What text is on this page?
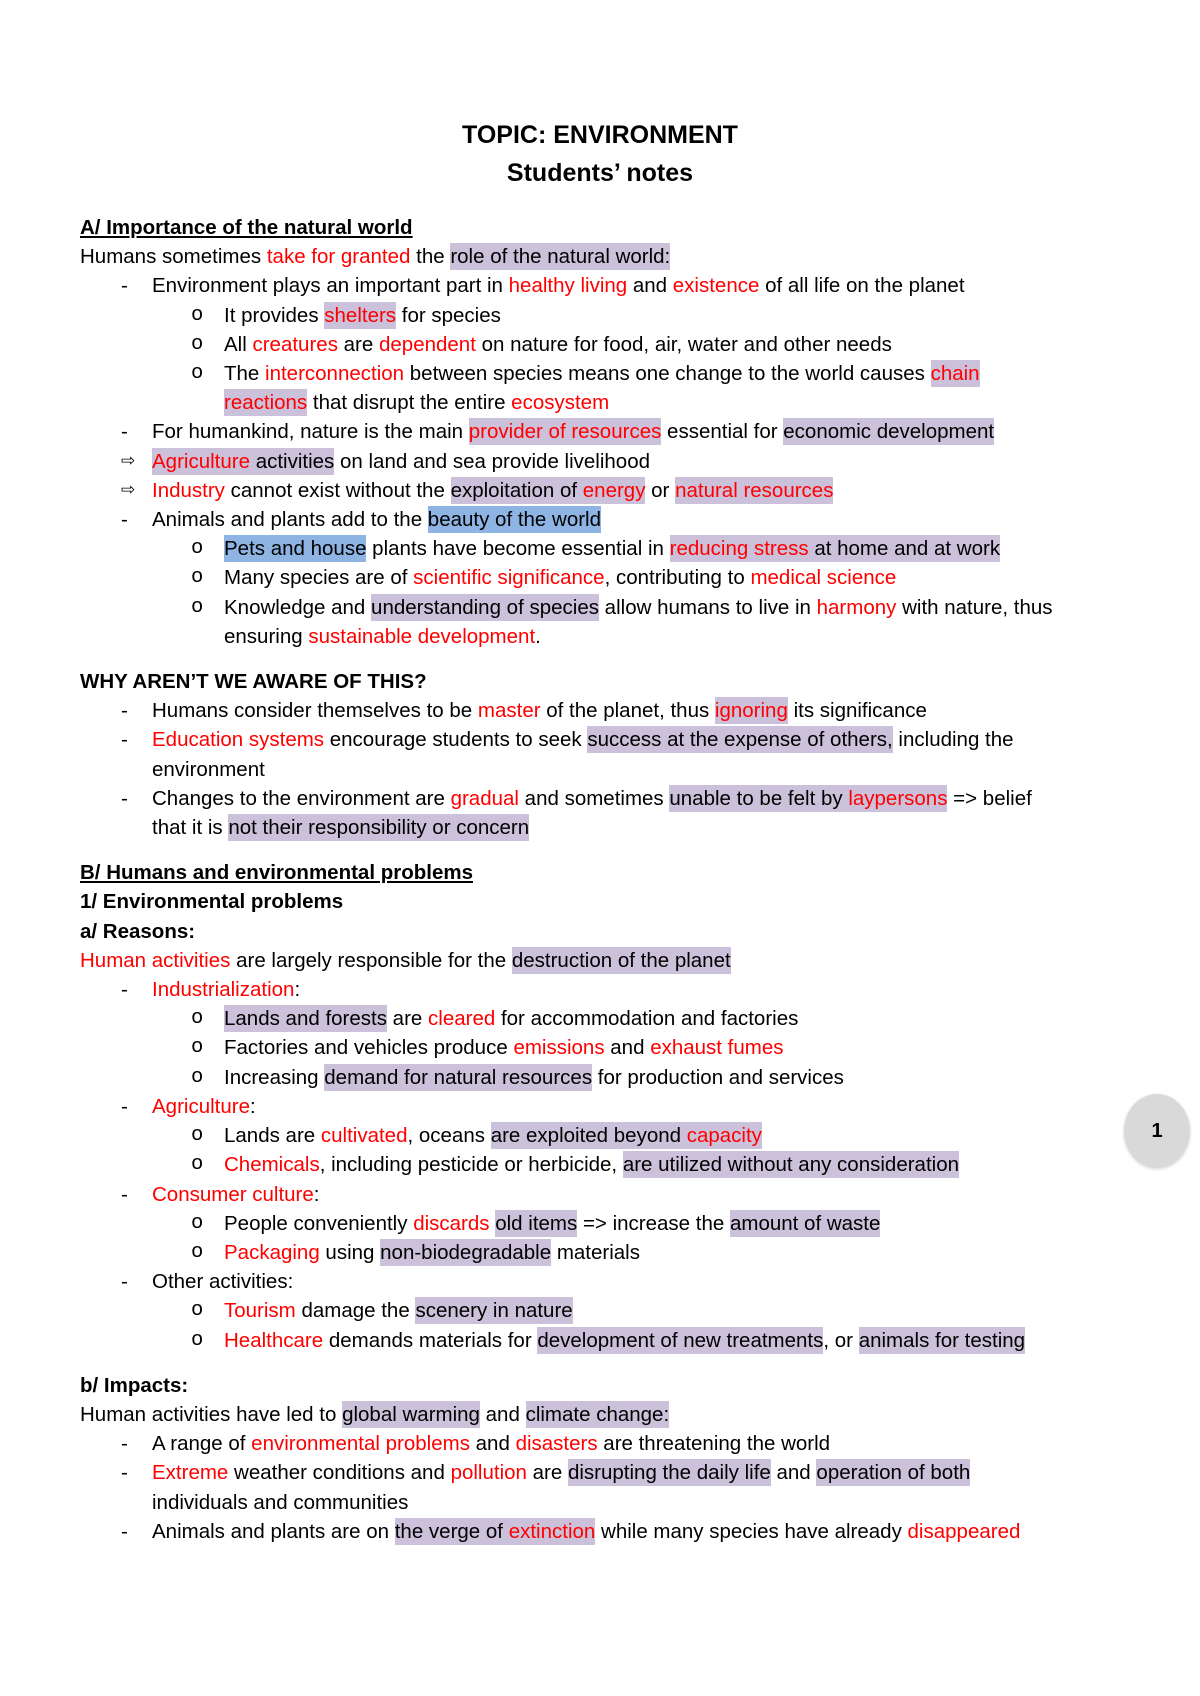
TOPIC: ENVIRONMENT
Students’ notes
A/ Importance of the natural world
Humans sometimes take for granted the role of the natural world:
- Environment plays an important part in healthy living and existence of all life on the planet
o It provides shelters for species
o All creatures are dependent on nature for food, air, water and other needs
o The interconnection between species means one change to the world causes chain
reactions that disrupt the entire ecosystem
- For humankind, nature is the main provider of resources essential for economic development
⇨ Agriculture activities on land and sea provide livelihood
⇨ Industry cannot exist without the exploitation of energy or natural resources
- Animals and plants add to the beauty of the world
o Pets and house plants have become essential in reducing stress at home and at work
o Many species are of scientific significance, contributing to medical science
o Knowledge and understanding of species allow humans to live in harmony with nature, thus
ensuring sustainable development.
WHY AREN’T WE AWARE OF THIS?
- Humans consider themselves to be master of the planet, thus ignoring its significance
- Education systems encourage students to seek success at the expense of others, including the
environment
- Changes to the environment are gradual and sometimes unable to be felt by laypersons => belief
that it is not their responsibility or concern
B/ Humans and environmental problems
1/ Environmental problems
a/ Reasons:
Human activities are largely responsible for the destruction of the planet
- Industrialization:
o Lands and forests are cleared for accommodation and factories
o Factories and vehicles produce emissions and exhaust fumes
o Increasing demand for natural resources for production and services
- Agriculture:
o Lands are cultivated, oceans are exploited beyond capacity
o Chemicals, including pesticide or herbicide, are utilized without any consideration
- Consumer culture:
o People conveniently discards old items => increase the amount of waste
o Packaging using non-biodegradable materials
- Other activities:
o Tourism damage the scenery in nature
o Healthcare demands materials for development of new treatments, or animals for testing
b/ Impacts:
Human activities have led to global warming and climate change:
- A range of environmental problems and disasters are threatening the world
- Extreme weather conditions and pollution are disrupting the daily life and operation of both
individuals and communities
- Animals and plants are on the verge of extinction while many species have already disappeared
1
